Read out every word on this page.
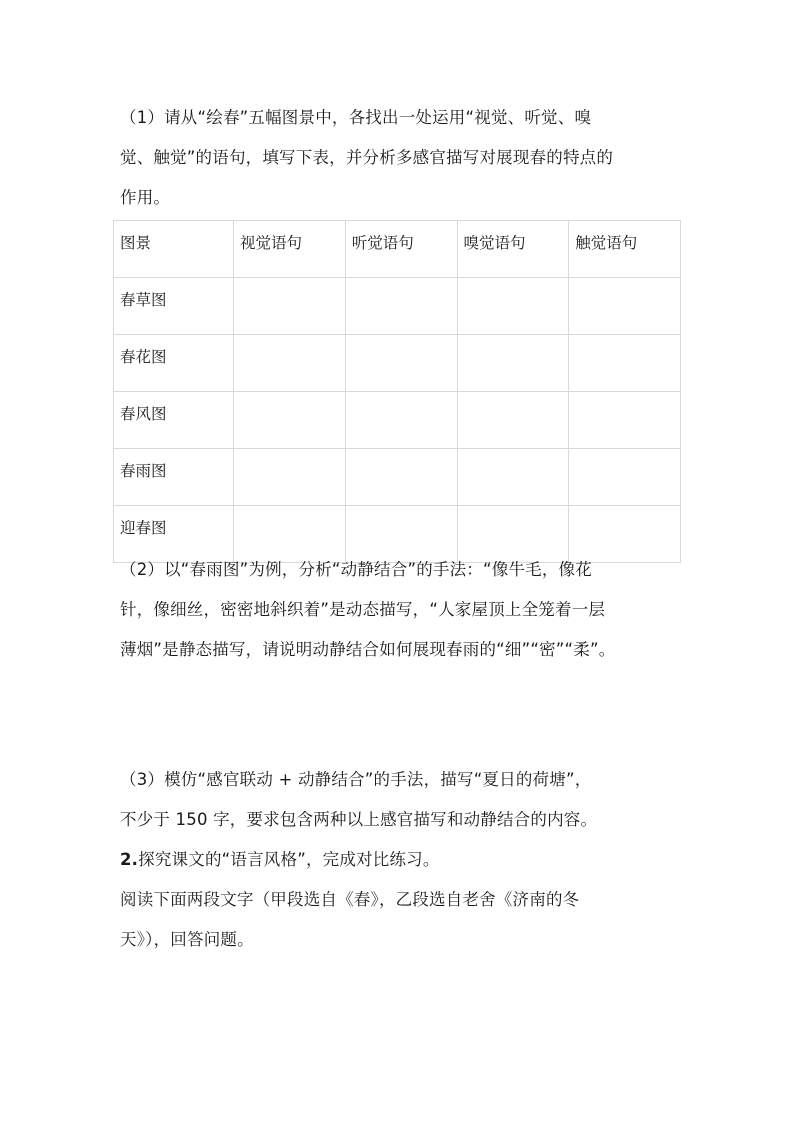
（1）请从“绘春”五幅图景中，各找出一处运用“视觉、听觉、嗅
觉、触觉”的语句，填写下表，并分析多感官描写对展现春的特点的
作用。

图景	视觉语句	听觉语句	嗅觉语句	触觉语句
春草图				
春花图				
春风图				
春雨图				
迎春图				

（2）以“春雨图”为例，分析“动静结合”的手法：“像牛毛，像花
针，像细丝，密密地斜织着”是动态描写，“人家屋顶上全笼着一层
薄烟”是静态描写，请说明动静结合如何展现春雨的“细”“密”“柔”。

（3）模仿“感官联动 + 动静结合”的手法，描写“夏日的荷塘”，
不少于 150 字，要求包含两种以上感官描写和动静结合的内容。
2.探究课文的“语言风格”，完成对比练习。
阅读下面两段文字（甲段选自《春》，乙段选自老舍《济南的冬
天》），回答问题。
